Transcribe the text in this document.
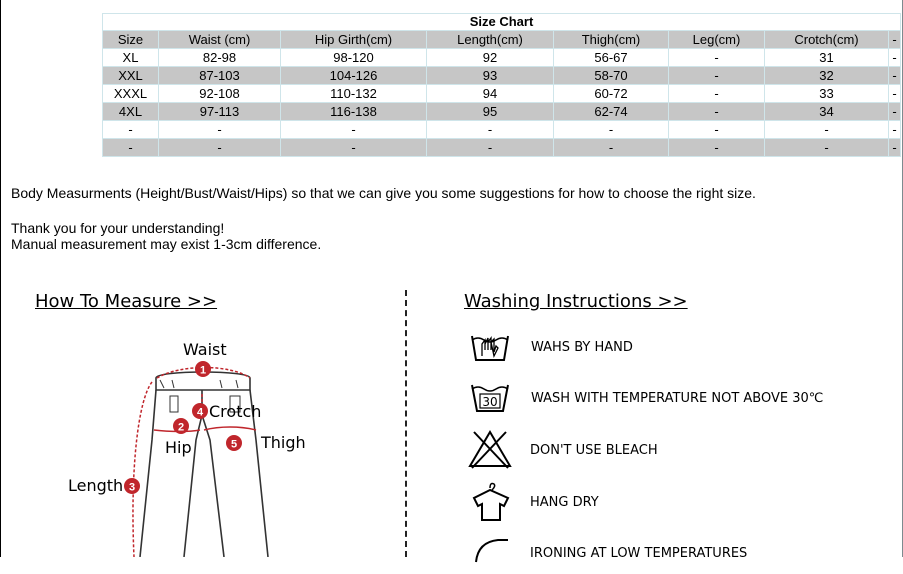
Size Chart							
Size	Waist (cm)	Hip Girth(cm)	Length(cm)	Thigh(cm)	Leg(cm)	Crotch(cm)	-
XL	82-98	98-120	92	56-67	-	31	-
XXL	87-103	104-126	93	58-70	-	32	-
XXXL	92-108	110-132	94	60-72	-	33	-
4XL	97-113	116-138	95	62-74	-	34	-
-	-	-	-	-	-	-	-
-	-	-	-	-	-	-	-
Body Measurments (Height/Bust/Waist/Hips) so that we can give you some suggestions for how to choose the right size.
Thank you for your understanding!
Manual measurement may exist 1-3cm difference.
How To Measure >>
Waist
Crotch
Hip	Thigh
Length
1
2
3
4
5
Washing Instructions >>
WAHS BY HAND
30	WASH WITH TEMPERATURE NOT ABOVE 30℃
DON'T USE BLEACH
HANG DRY
IRONING AT LOW TEMPERATURES
